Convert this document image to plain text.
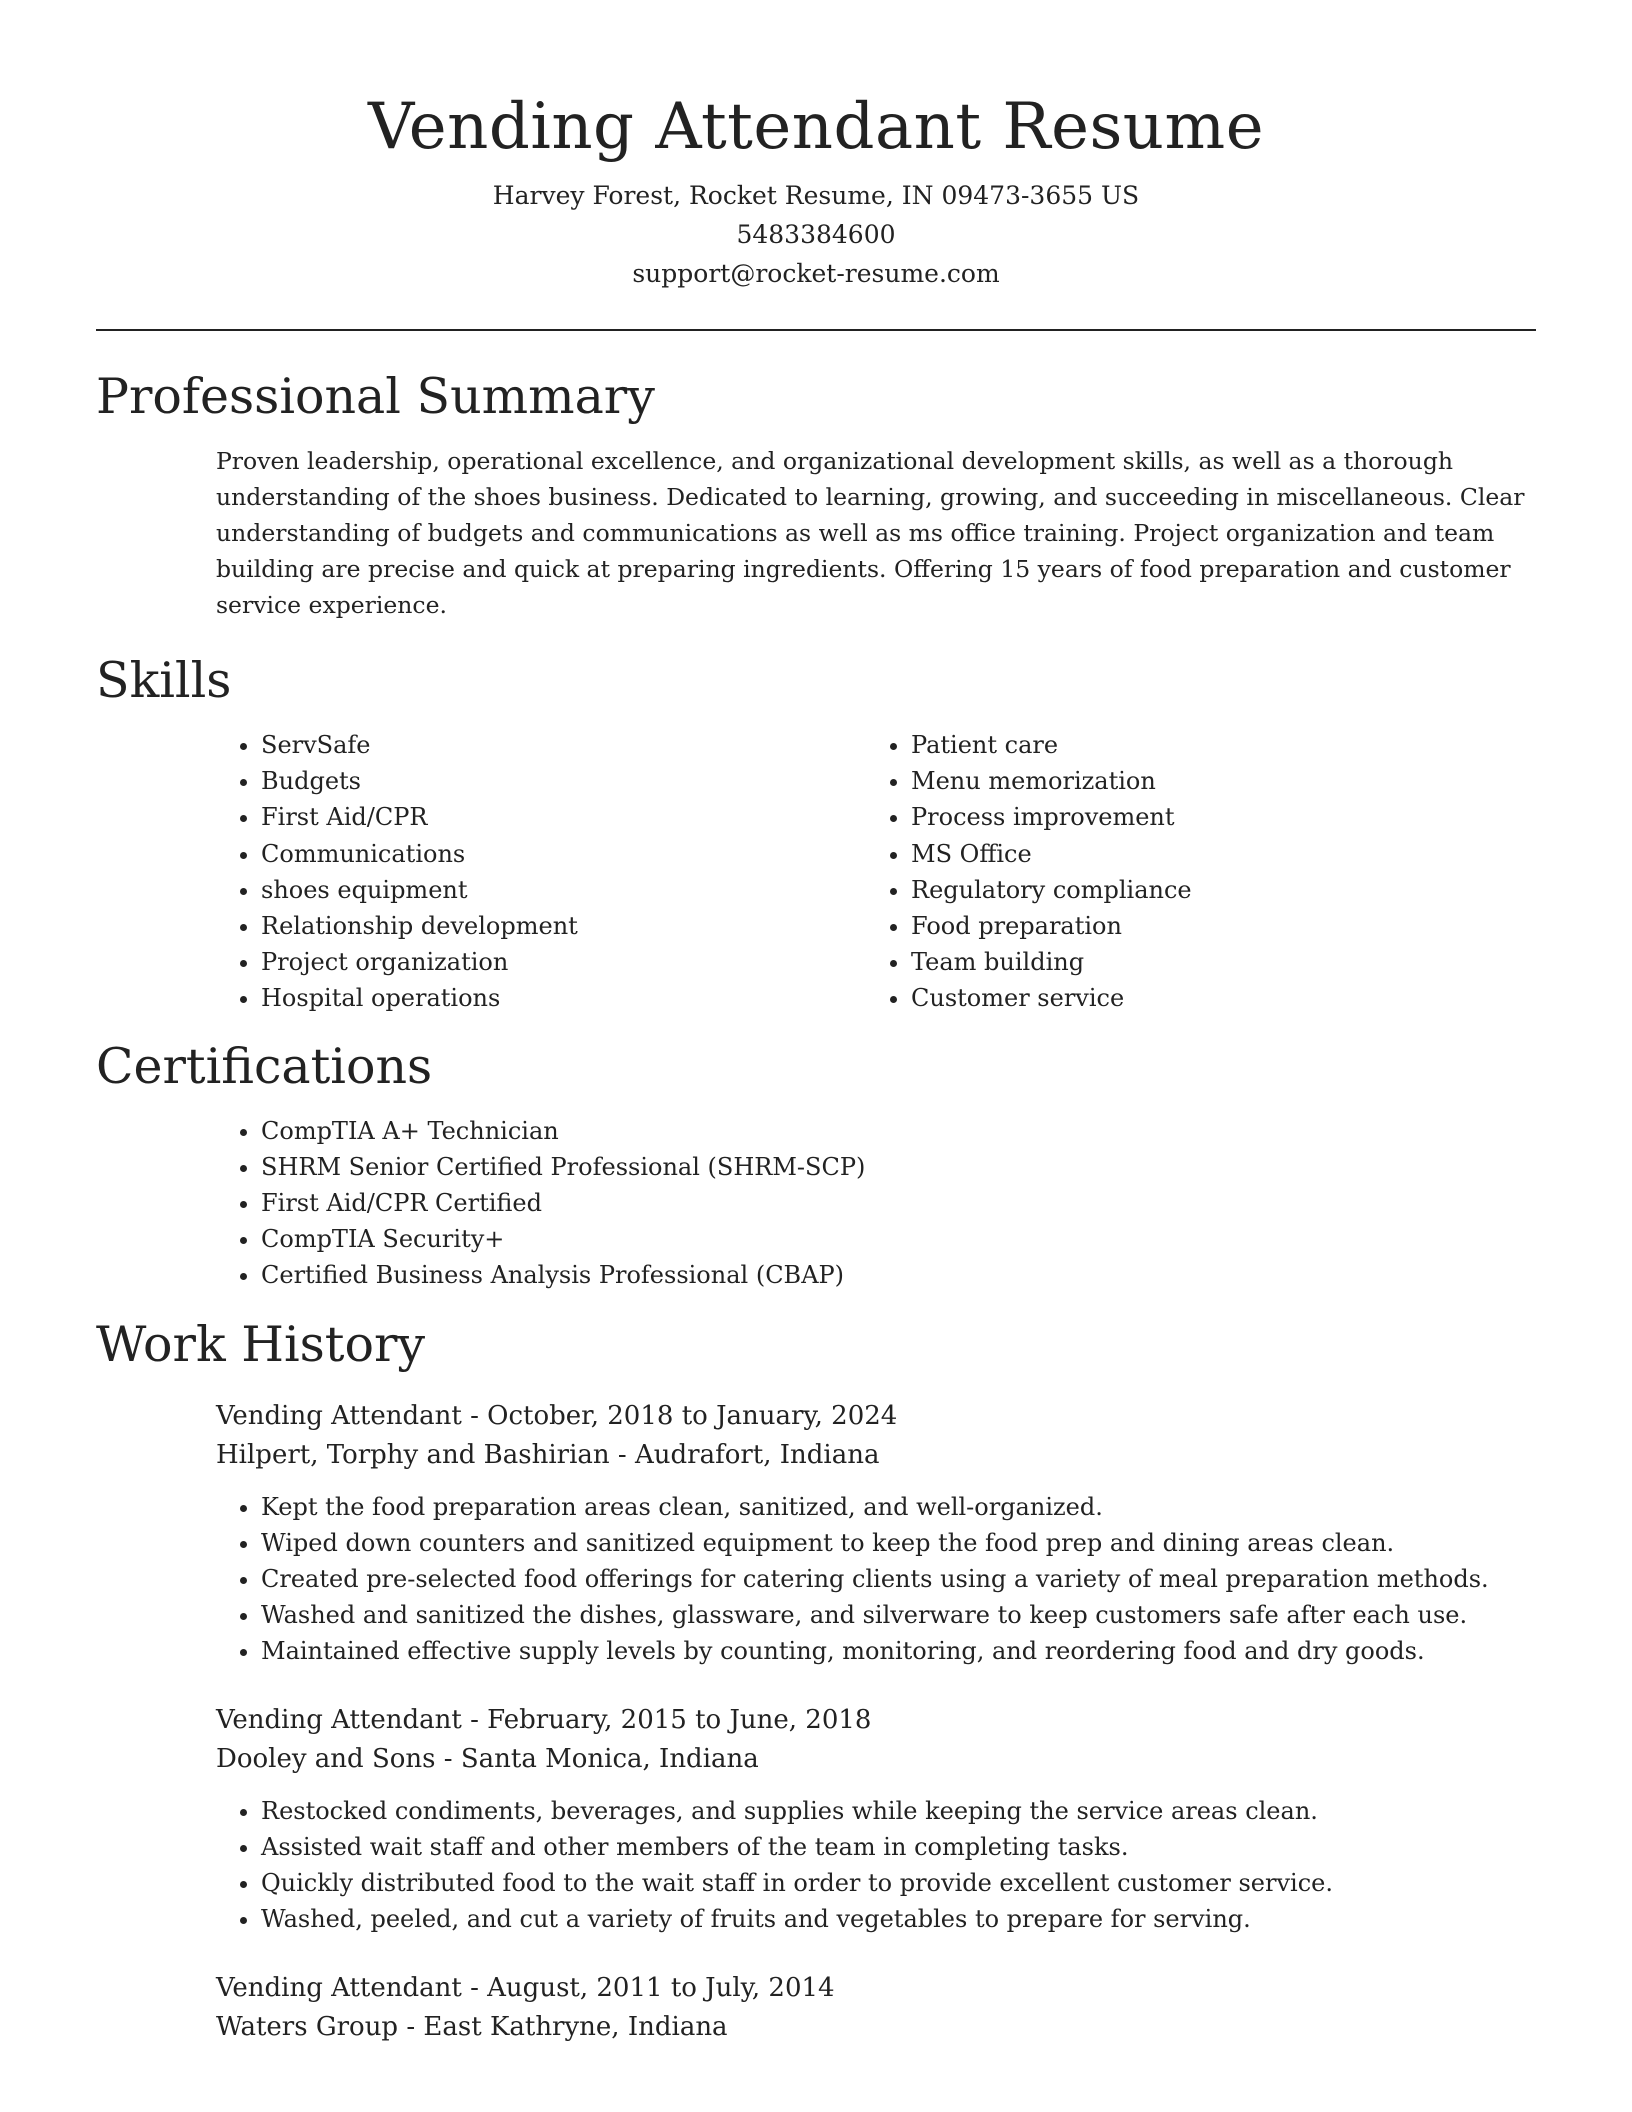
Vending Attendant Resume
Harvey Forest, Rocket Resume, IN 09473-3655 US
5483384600
support@rocket-resume.com
Professional Summary

Proven leadership, operational excellence, and organizational development skills, as well as a thorough understanding of the shoes business. Dedicated to learning, growing, and succeeding in miscellaneous. Clear understanding of budgets and communications as well as ms office training. Project organization and team building are precise and quick at preparing ingredients. Offering 15 years of food preparation and customer service experience.

Skills
• ServSafe
• Budgets
• First Aid/CPR
• Communications
• shoes equipment
• Relationship development
• Project organization
• Hospital operations
• Patient care
• Menu memorization
• Process improvement
• MS Office
• Regulatory compliance
• Food preparation
• Team building
• Customer service
Certifications
• CompTIA A+ Technician
• SHRM Senior Certified Professional (SHRM-SCP)
• First Aid/CPR Certified
• CompTIA Security+
• Certified Business Analysis Professional (CBAP)
Work History
Vending Attendant - October, 2018 to January, 2024
Hilpert, Torphy and Bashirian - Audrafort, Indiana
• Kept the food preparation areas clean, sanitized, and well-organized.
• Wiped down counters and sanitized equipment to keep the food prep and dining areas clean.
• Created pre-selected food offerings for catering clients using a variety of meal preparation methods.
• Washed and sanitized the dishes, glassware, and silverware to keep customers safe after each use.
• Maintained effective supply levels by counting, monitoring, and reordering food and dry goods.
Vending Attendant - February, 2015 to June, 2018
Dooley and Sons - Santa Monica, Indiana
• Restocked condiments, beverages, and supplies while keeping the service areas clean.
• Assisted wait staff and other members of the team in completing tasks.
• Quickly distributed food to the wait staff in order to provide excellent customer service.
• Washed, peeled, and cut a variety of fruits and vegetables to prepare for serving.
Vending Attendant - August, 2011 to July, 2014
Waters Group - East Kathryne, Indiana
